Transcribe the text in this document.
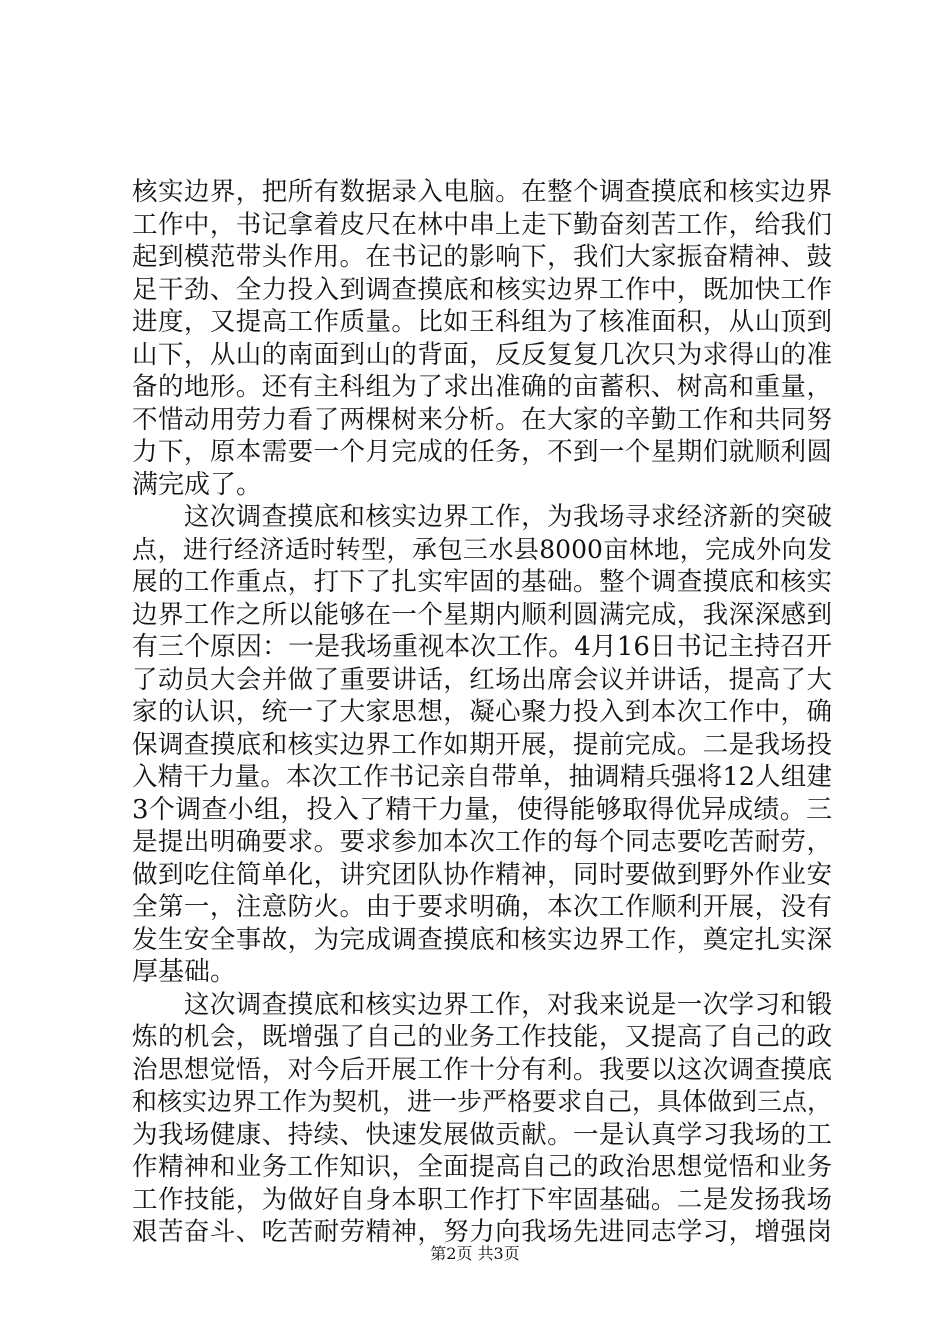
核实边界，把所有数据录入电脑。在整个调查摸底和核实边界
工作中，书记拿着皮尺在林中串上走下勤奋刻苦工作，给我们
起到模范带头作用。在书记的影响下，我们大家振奋精神、鼓
足干劲、全力投入到调查摸底和核实边界工作中，既加快工作
进度，又提高工作质量。比如王科组为了核准面积，从山顶到
山下，从山的南面到山的背面，反反复复几次只为求得山的准
备的地形。还有主科组为了求出准确的亩蓄积、树高和重量，
不惜动用劳力看了两棵树来分析。在大家的辛勤工作和共同努
力下，原本需要一个月完成的任务，不到一个星期们就顺利圆
满完成了。
　　这次调查摸底和核实边界工作，为我场寻求经济新的突破
点，进行经济适时转型，承包三水县8000亩林地，完成外向发
展的工作重点，打下了扎实牢固的基础。整个调查摸底和核实
边界工作之所以能够在一个星期内顺利圆满完成，我深深感到
有三个原因：一是我场重视本次工作。4月16日书记主持召开
了动员大会并做了重要讲话，红场出席会议并讲话，提高了大
家的认识，统一了大家思想，凝心聚力投入到本次工作中，确
保调查摸底和核实边界工作如期开展，提前完成。二是我场投
入精干力量。本次工作书记亲自带单，抽调精兵强将12人组建
3个调查小组，投入了精干力量，使得能够取得优异成绩。三
是提出明确要求。要求参加本次工作的每个同志要吃苦耐劳，
做到吃住简单化，讲究团队协作精神，同时要做到野外作业安
全第一，注意防火。由于要求明确，本次工作顺利开展，没有
发生安全事故，为完成调查摸底和核实边界工作，奠定扎实深
厚基础。
　　这次调查摸底和核实边界工作，对我来说是一次学习和锻
炼的机会，既增强了自己的业务工作技能，又提高了自己的政
治思想觉悟，对今后开展工作十分有利。我要以这次调查摸底
和核实边界工作为契机，进一步严格要求自己，具体做到三点，
为我场健康、持续、快速发展做贡献。一是认真学习我场的工
作精神和业务工作知识，全面提高自己的政治思想觉悟和业务
工作技能，为做好自身本职工作打下牢固基础。二是发扬我场
艰苦奋斗、吃苦耐劳精神，努力向我场先进同志学习，增强岗
第2页 共3页
